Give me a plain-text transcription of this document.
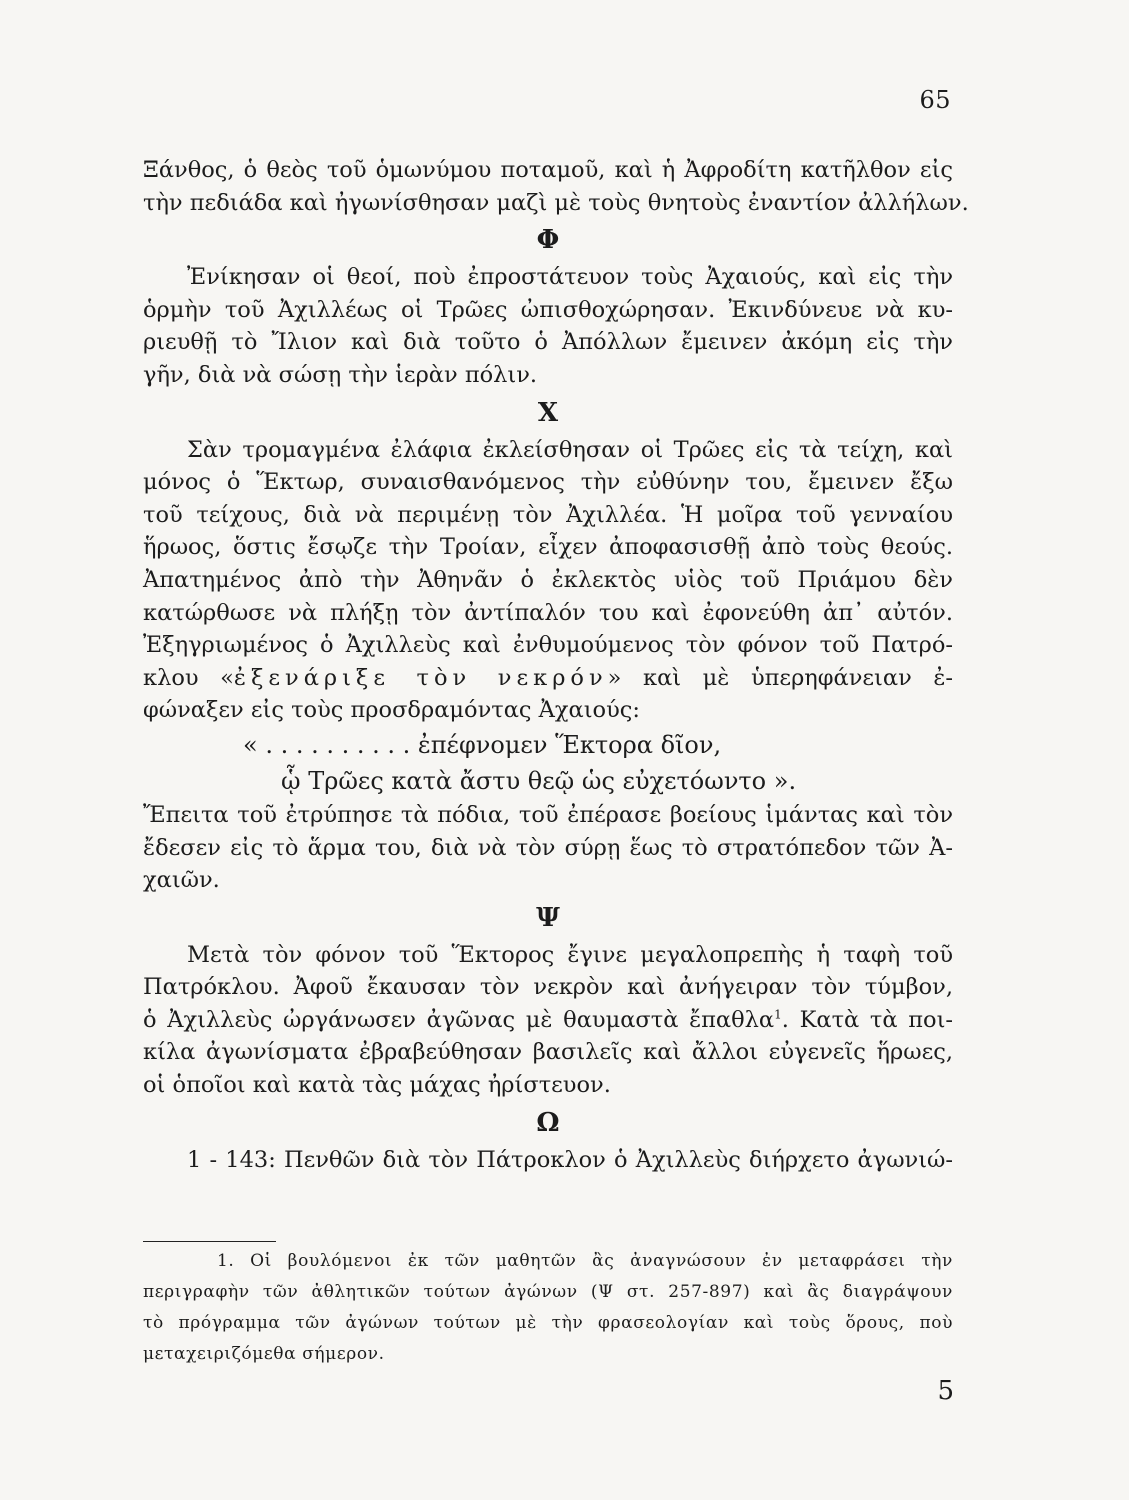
65
Ξάνθος, ὁ θεὸς τοῦ ὁμωνύμου ποταμοῦ, καὶ ἡ Ἀφροδίτη κατῆλθον εἰς
τὴν πεδιάδα καὶ ἠγωνίσθησαν μαζὶ μὲ τοὺς θνητοὺς ἐναντίον ἀλλήλων.
Φ
Ἐνίκησαν οἱ θεοί, ποὺ ἐπροστάτευον τοὺς Ἀχαιούς, καὶ εἰς τὴν
ὁρμὴν τοῦ Ἀχιλλέως οἱ Τρῶες ὠπισθοχώρησαν. Ἐκινδύνευε νὰ κυ-
ριευθῇ τὸ Ἴλιον καὶ διὰ τοῦτο ὁ Ἀπόλλων ἔμεινεν ἀκόμη εἰς τὴν
γῆν, διὰ νὰ σώσῃ τὴν ἱερὰν πόλιν.
Χ
Σὰν τρομαγμένα ἐλάφια ἐκλείσθησαν οἱ Τρῶες εἰς τὰ τείχη, καὶ
μόνος ὁ Ἕκτωρ, συναισθανόμενος τὴν εὐθύνην του, ἔμεινεν ἔξω
τοῦ τείχους, διὰ νὰ περιμένῃ τὸν Ἀχιλλέα. Ἡ μοῖρα τοῦ γενναίου
ἥρωος, ὅστις ἔσῳζε τὴν Τροίαν, εἶχεν ἀποφασισθῇ ἀπὸ τοὺς θεούς.
Ἀπατημένος ἀπὸ τὴν Ἀθηνᾶν ὁ ἐκλεκτὸς υἱὸς τοῦ Πριάμου δὲν
κατώρθωσε νὰ πλήξῃ τὸν ἀντίπαλόν του καὶ ἐφονεύθη ἀπ᾽ αὐτόν.
Ἐξηγριωμένος ὁ Ἀχιλλεὺς καὶ ἐνθυμούμενος τὸν φόνον τοῦ Πατρό-
κλου «ἐξενάριξε τὸν νεκρόν» καὶ μὲ ὑπερηφάνειαν ἐ-
φώναξεν εἰς τοὺς προσδραμόντας Ἀχαιούς:
« . . . . . . . . . . ἐπέφνομεν Ἕκτορα δῖον,
ᾧ Τρῶες κατὰ ἄστυ θεῷ ὡς εὐχετόωντο ».
Ἔπειτα τοῦ ἐτρύπησε τὰ πόδια, τοῦ ἐπέρασε βοείους ἱμάντας καὶ τὸν
ἔδεσεν εἰς τὸ ἅρμα του, διὰ νὰ τὸν σύρῃ ἕως τὸ στρατόπεδον τῶν Ἀ-
χαιῶν.
Ψ
Μετὰ τὸν φόνον τοῦ Ἕκτορος ἔγινε μεγαλοπρεπὴς ἡ ταφὴ τοῦ
Πατρόκλου. Ἀφοῦ ἔκαυσαν τὸν νεκρὸν καὶ ἀνήγειραν τὸν τύμβον,
ὁ Ἀχιλλεὺς ὠργάνωσεν ἀγῶνας μὲ θαυμαστὰ ἔπαθλα$^1$. Κατὰ τὰ ποι-
κίλα ἀγωνίσματα ἐβραβεύθησαν βασιλεῖς καὶ ἄλλοι εὐγενεῖς ἥρωες,
οἱ ὁποῖοι καὶ κατὰ τὰς μάχας ἠρίστευον.
Ω
1 - 143: Πενθῶν διὰ τὸν Πάτροκλον ὁ Ἀχιλλεὺς διήρχετο ἀγωνιώ-
1. Οἱ βουλόμενοι ἐκ τῶν μαθητῶν ἂς ἀναγνώσουν ἐν μεταφράσει τὴν
περιγραφὴν τῶν ἀθλητικῶν τούτων ἀγώνων (Ψ στ. 257-897) καὶ ἂς διαγράψουν
τὸ πρόγραμμα τῶν ἀγώνων τούτων μὲ τὴν φρασεολογίαν καὶ τοὺς ὅρους, ποὺ
μεταχειριζόμεθα σήμερον.
5
